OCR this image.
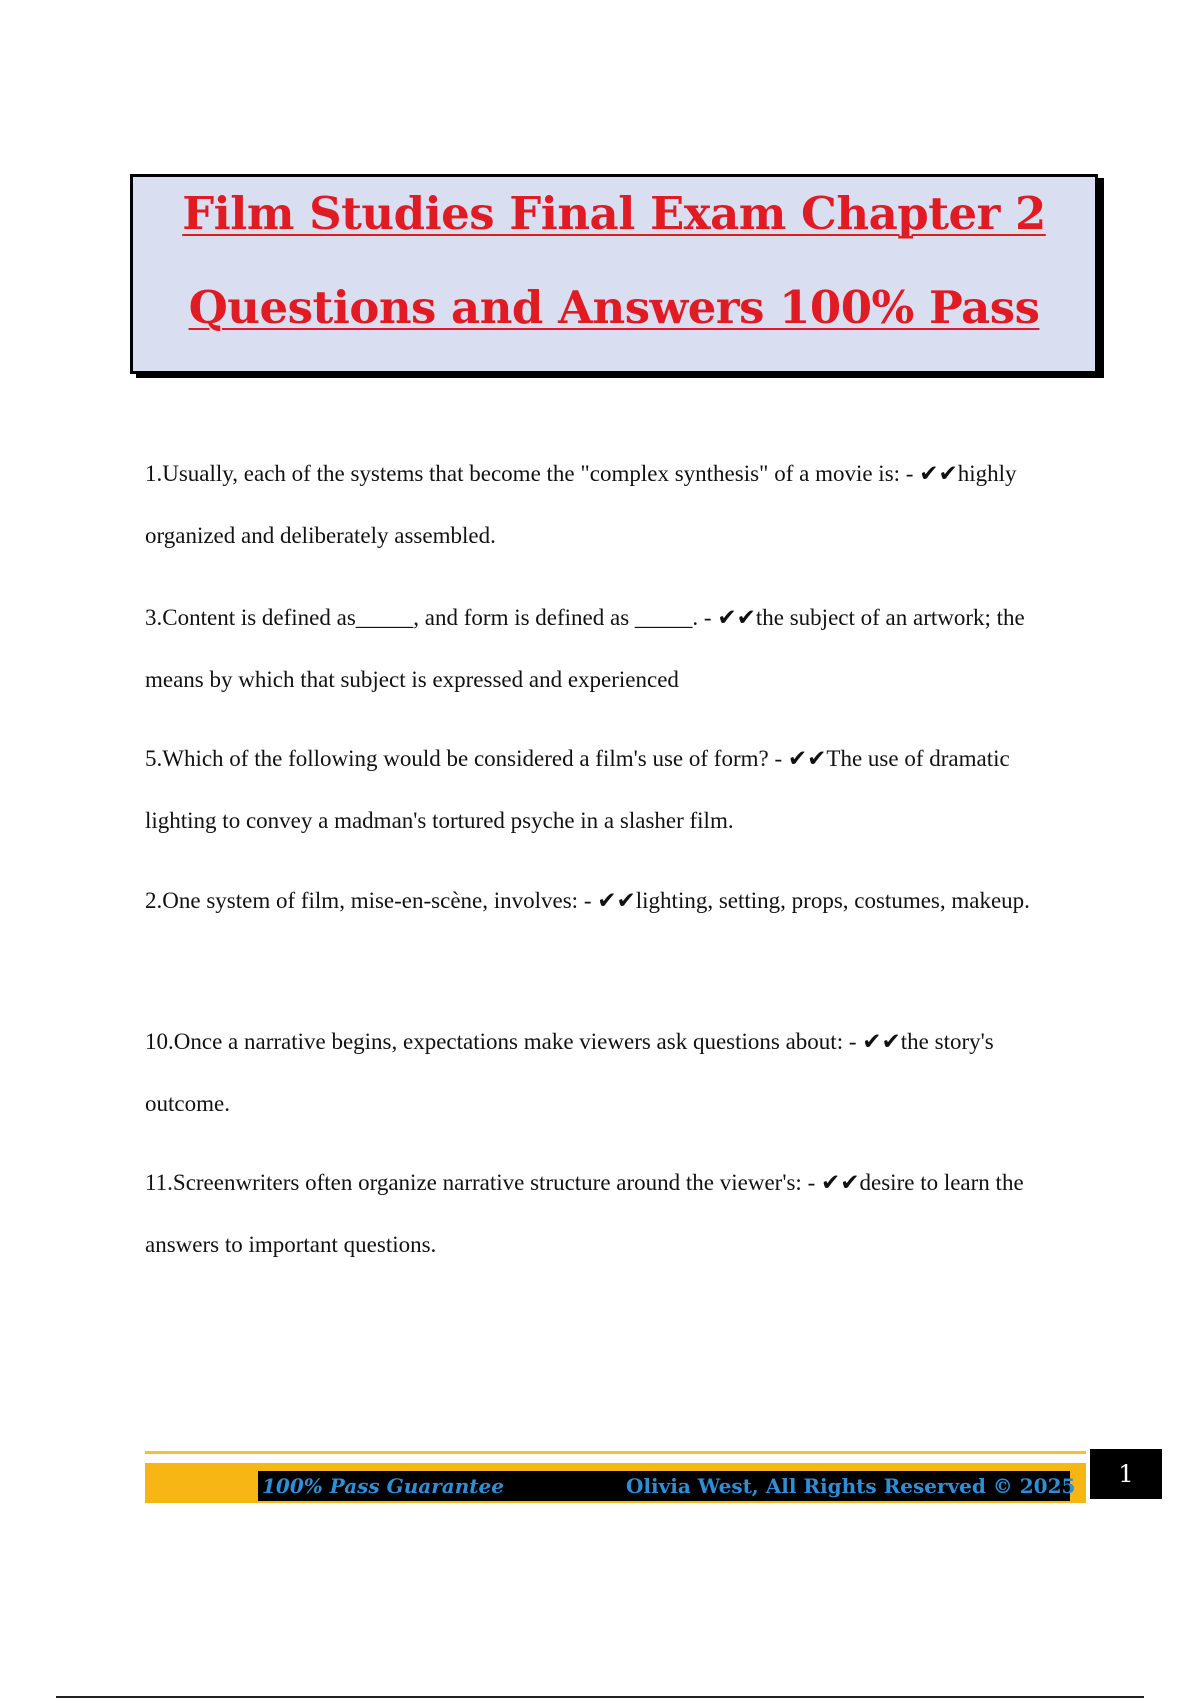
Film Studies Final Exam Chapter 2
Questions and Answers 100% Pass

1.Usually, each of the systems that become the "complex synthesis" of a movie is: - ✔✔highly organized and deliberately assembled.

3.Content is defined as_____, and form is defined as _____. - ✔✔the subject of an artwork; the means by which that subject is expressed and experienced

5.Which of the following would be considered a film's use of form? - ✔✔The use of dramatic lighting to convey a madman's tortured psyche in a slasher film.

2.One system of film, mise-en-scène, involves: - ✔✔lighting, setting, props, costumes, makeup.

10.Once a narrative begins, expectations make viewers ask questions about: - ✔✔the story's outcome.

11.Screenwriters often organize narrative structure around the viewer's: - ✔✔desire to learn the answers to important questions.

100% Pass Guarantee	Olivia West, All Rights Reserved © 2025	1
